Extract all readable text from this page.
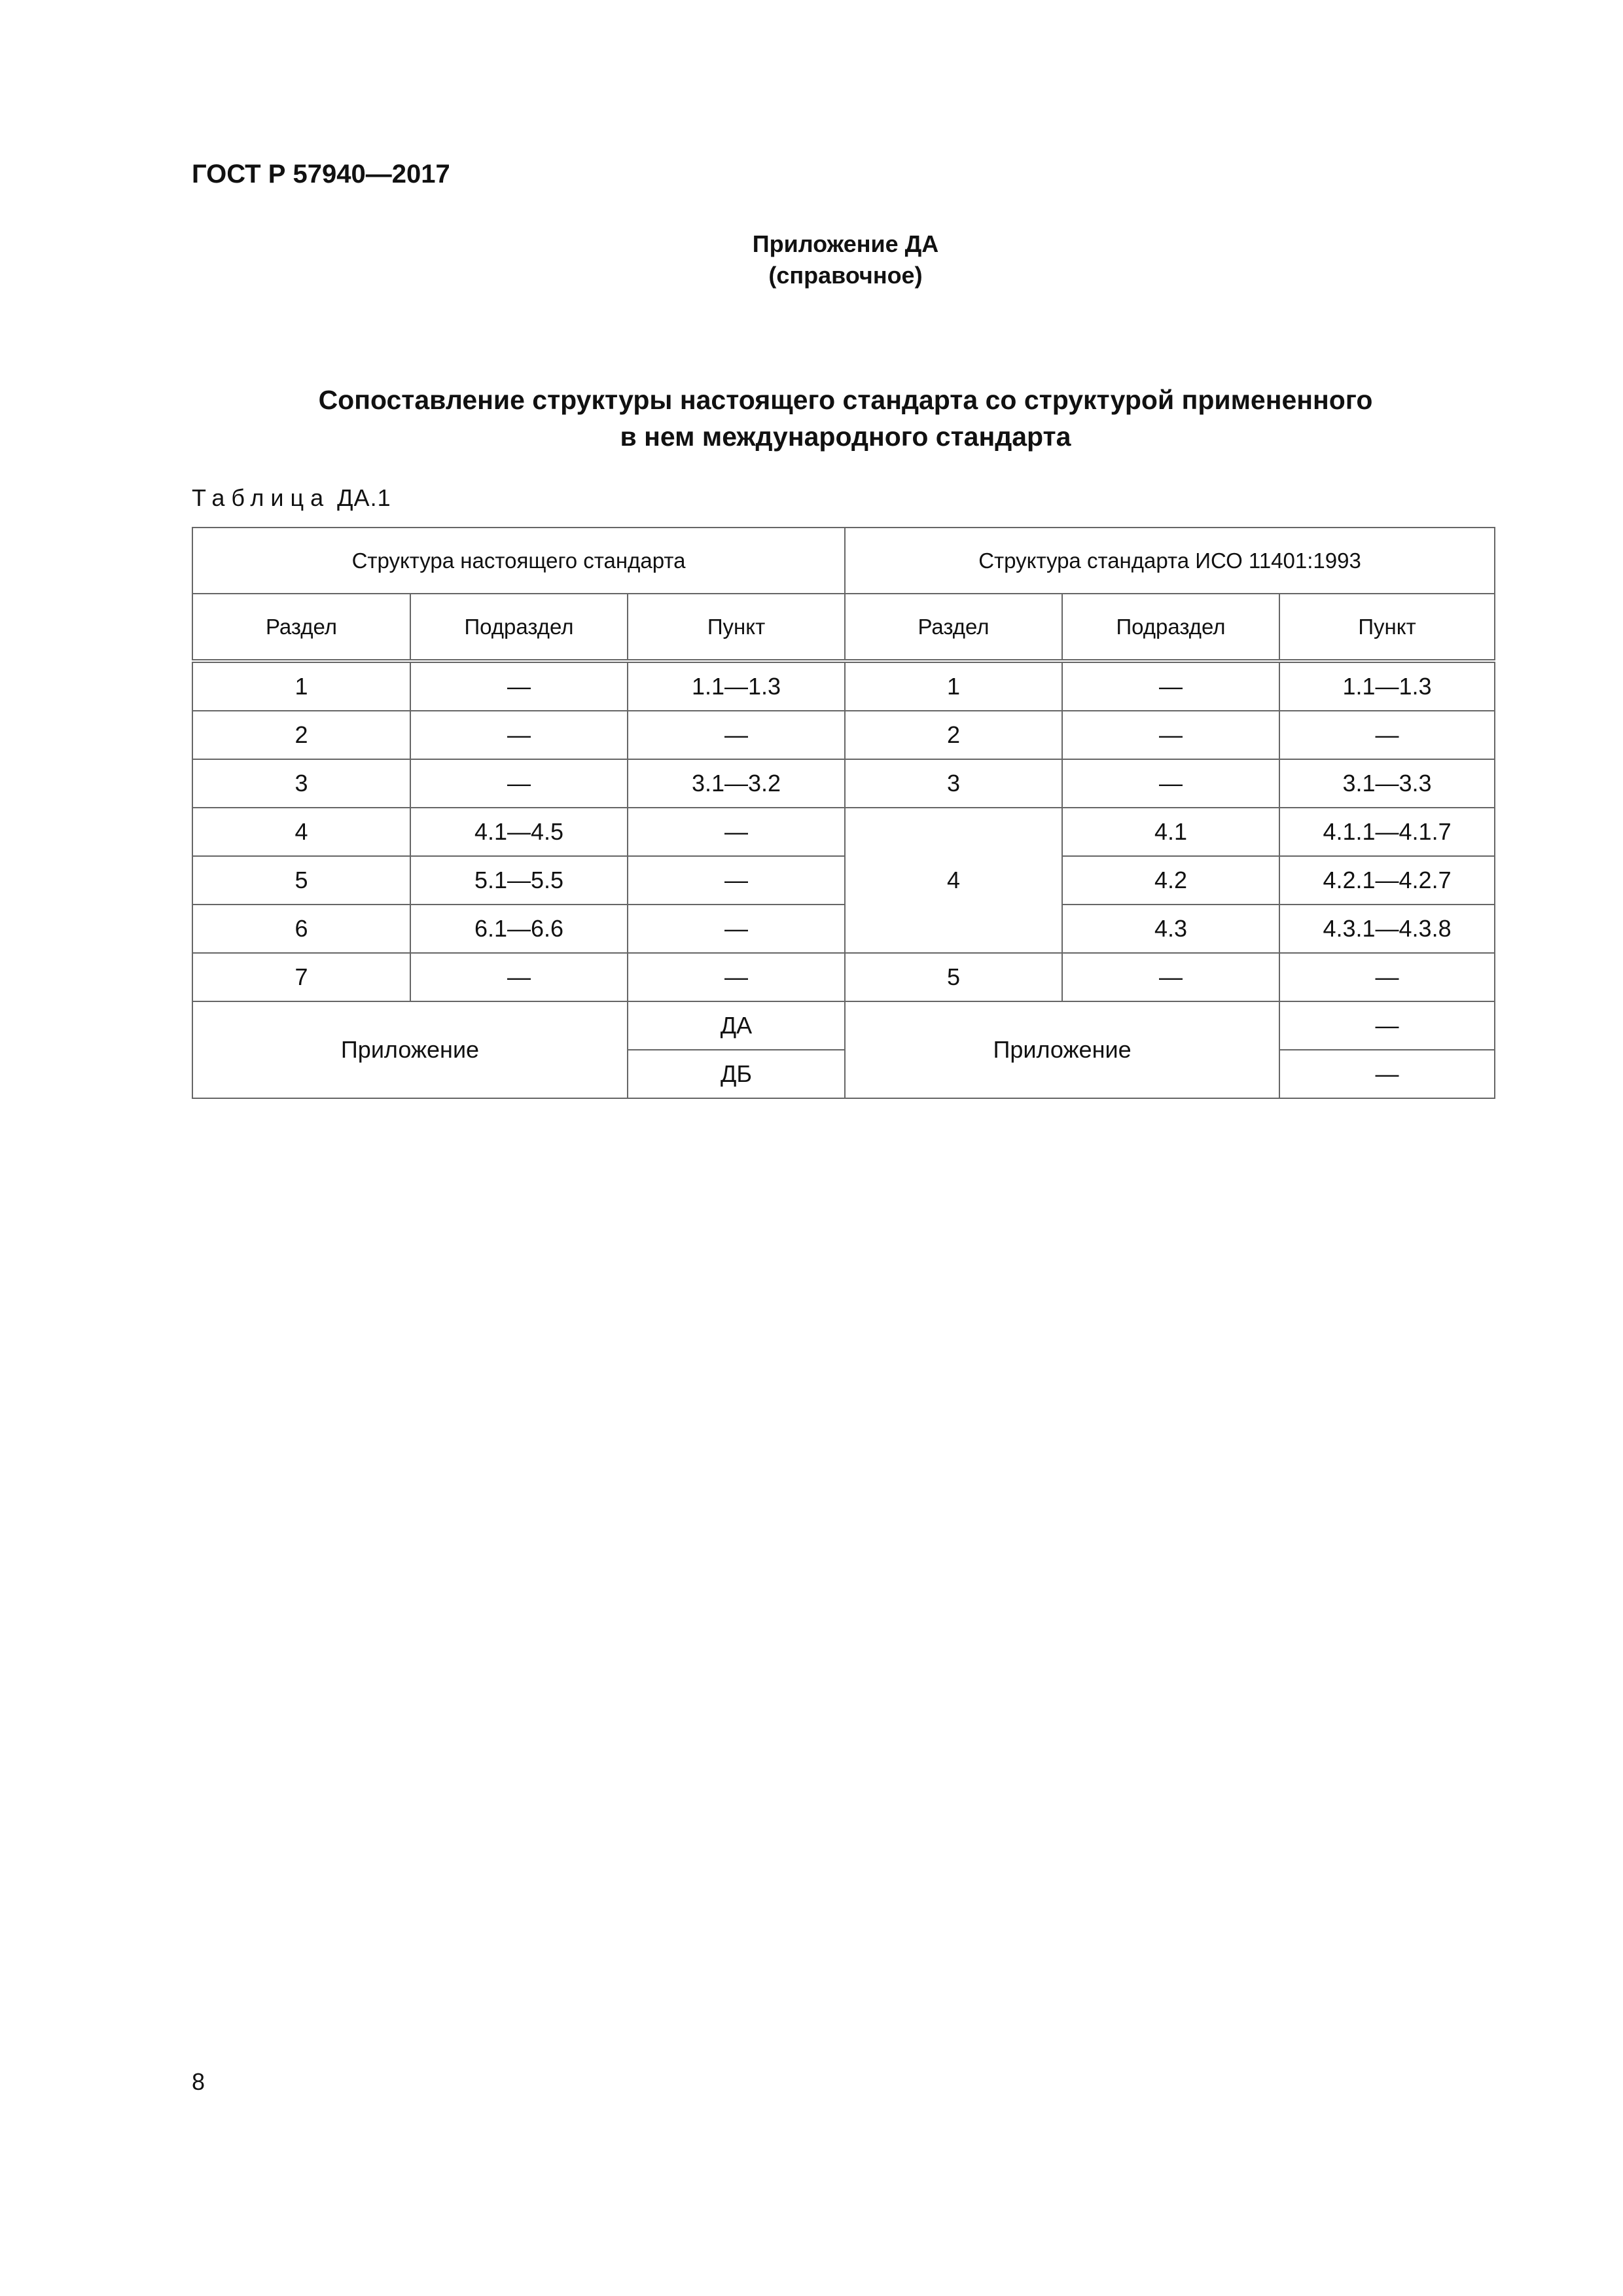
ГОСТ Р 57940—2017
Приложение ДА
(справочное)
Сопоставление структуры настоящего стандарта со структурой примененного
в нем международного стандарта
Таблица ДА.1
Структура настоящего стандарта			Структура стандарта ИСО 11401:1993		
Раздел	Подраздел	Пункт	Раздел	Подраздел	Пункт
1	—	1.1—1.3	1	—	1.1—1.3
2	—	—	2	—	—
3	—	3.1—3.2	3	—	3.1—3.3
4	4.1—4.5	—	4	4.1	4.1.1—4.1.7
5	5.1—5.5	—		4.2	4.2.1—4.2.7
6	6.1—6.6	—		4.3	4.3.1—4.3.8
7	—	—	5	—	—
Приложение		ДА	Приложение		—
		ДБ			—
8
